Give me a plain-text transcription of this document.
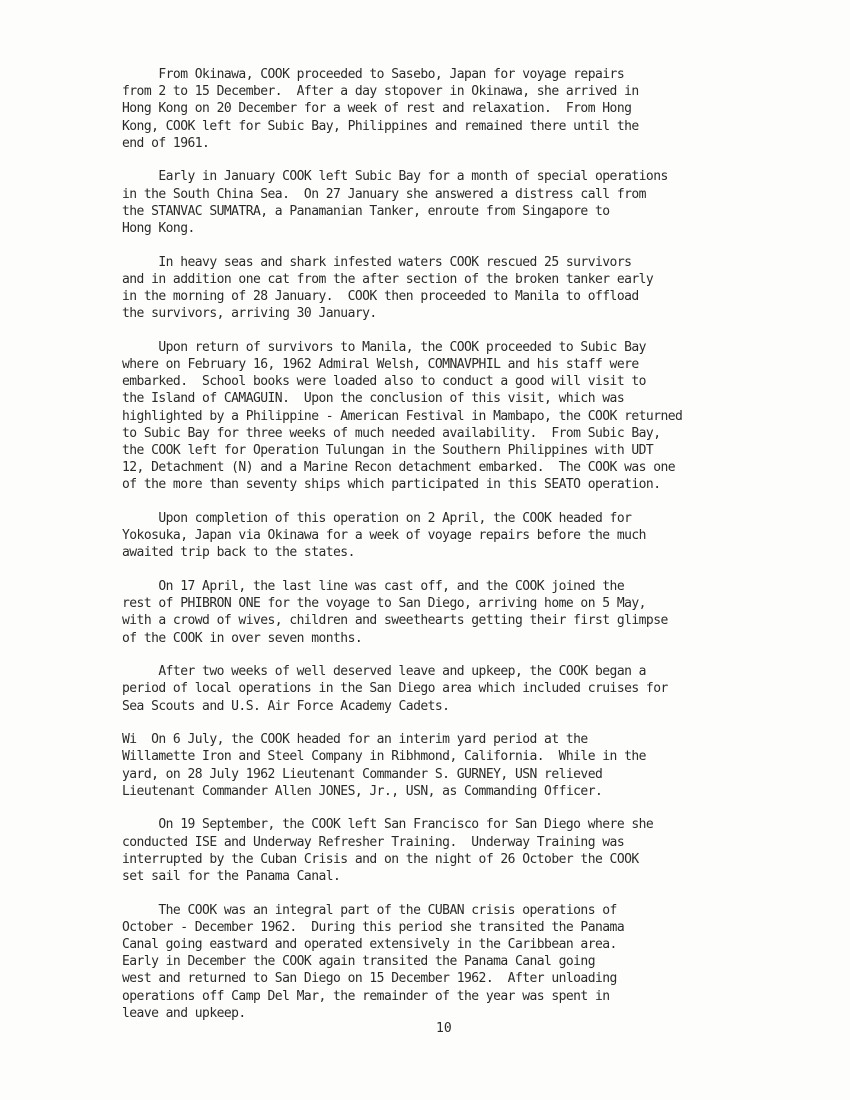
From Okinawa, COOK proceeded to Sasebo, Japan for voyage repairs
from 2 to 15 December.  After a day stopover in Okinawa, she arrived in
Hong Kong on 20 December for a week of rest and relaxation.  From Hong
Kong, COOK left for Subic Bay, Philippines and remained there until the
end of 1961.
Early in January COOK left Subic Bay for a month of special operations
in the South China Sea.  On 27 January she answered a distress call from
the STANVAC SUMATRA, a Panamanian Tanker, enroute from Singapore to
Hong Kong.
In heavy seas and shark infested waters COOK rescued 25 survivors
and in addition one cat from the after section of the broken tanker early
in the morning of 28 January.  COOK then proceeded to Manila to offload
the survivors, arriving 30 January.
Upon return of survivors to Manila, the COOK proceeded to Subic Bay
where on February 16, 1962 Admiral Welsh, COMNAVPHIL and his staff were
embarked.  School books were loaded also to conduct a good will visit to
the Island of CAMAGUIN.  Upon the conclusion of this visit, which was
highlighted by a Philippine - American Festival in Mambapo, the COOK returned
to Subic Bay for three weeks of much needed availability.  From Subic Bay,
the COOK left for Operation Tulungan in the Southern Philippines with UDT
12, Detachment (N) and a Marine Recon detachment embarked.  The COOK was one
of the more than seventy ships which participated in this SEATO operation.
Upon completion of this operation on 2 April, the COOK headed for
Yokosuka, Japan via Okinawa for a week of voyage repairs before the much
awaited trip back to the states.
On 17 April, the last line was cast off, and the COOK joined the
rest of PHIBRON ONE for the voyage to San Diego, arriving home on 5 May,
with a crowd of wives, children and sweethearts getting their first glimpse
of the COOK in over seven months.
After two weeks of well deserved leave and upkeep, the COOK began a
period of local operations in the San Diego area which included cruises for
Sea Scouts and U.S. Air Force Academy Cadets.
Wi  On 6 July, the COOK headed for an interim yard period at the
Willamette Iron and Steel Company in Ribhmond, California.  While in the
yard, on 28 July 1962 Lieutenant Commander S. GURNEY, USN relieved
Lieutenant Commander Allen JONES, Jr., USN, as Commanding Officer.
On 19 September, the COOK left San Francisco for San Diego where she
conducted ISE and Underway Refresher Training.  Underway Training was
interrupted by the Cuban Crisis and on the night of 26 October the COOK
set sail for the Panama Canal.
The COOK was an integral part of the CUBAN crisis operations of
October - December 1962.  During this period she transited the Panama
Canal going eastward and operated extensively in the Caribbean area.
Early in December the COOK again transited the Panama Canal going
west and returned to San Diego on 15 December 1962.  After unloading
operations off Camp Del Mar, the remainder of the year was spent in
leave and upkeep.
10
